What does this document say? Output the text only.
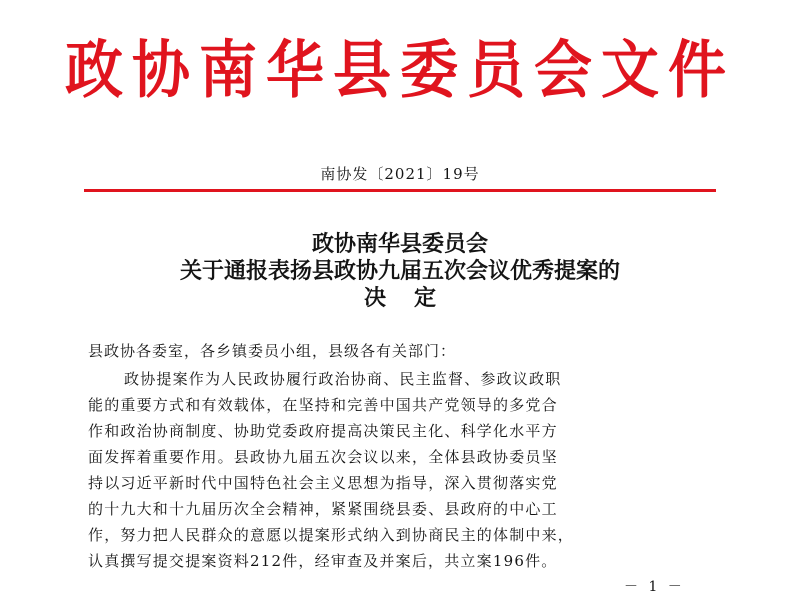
政协南华县委员会文件
南协发〔2021〕19号
政协南华县委员会
关于通报表扬县政协九届五次会议优秀提案的
决定
县政协各委室，各乡镇委员小组，县级各有关部门：
政协提案作为人民政协履行政治协商、民主监督、参政议政职
能的重要方式和有效载体，在坚持和完善中国共产党领导的多党合
作和政治协商制度、协助党委政府提高决策民主化、科学化水平方
面发挥着重要作用。县政协九届五次会议以来，全体县政协委员坚
持以习近平新时代中国特色社会主义思想为指导，深入贯彻落实党
的十九大和十九届历次全会精神，紧紧围绕县委、县政府的中心工
作，努力把人民群众的意愿以提案形式纳入到协商民主的体制中来，
认真撰写提交提案资料212件，经审查及并案后，共立案196件。
－ 1 －
